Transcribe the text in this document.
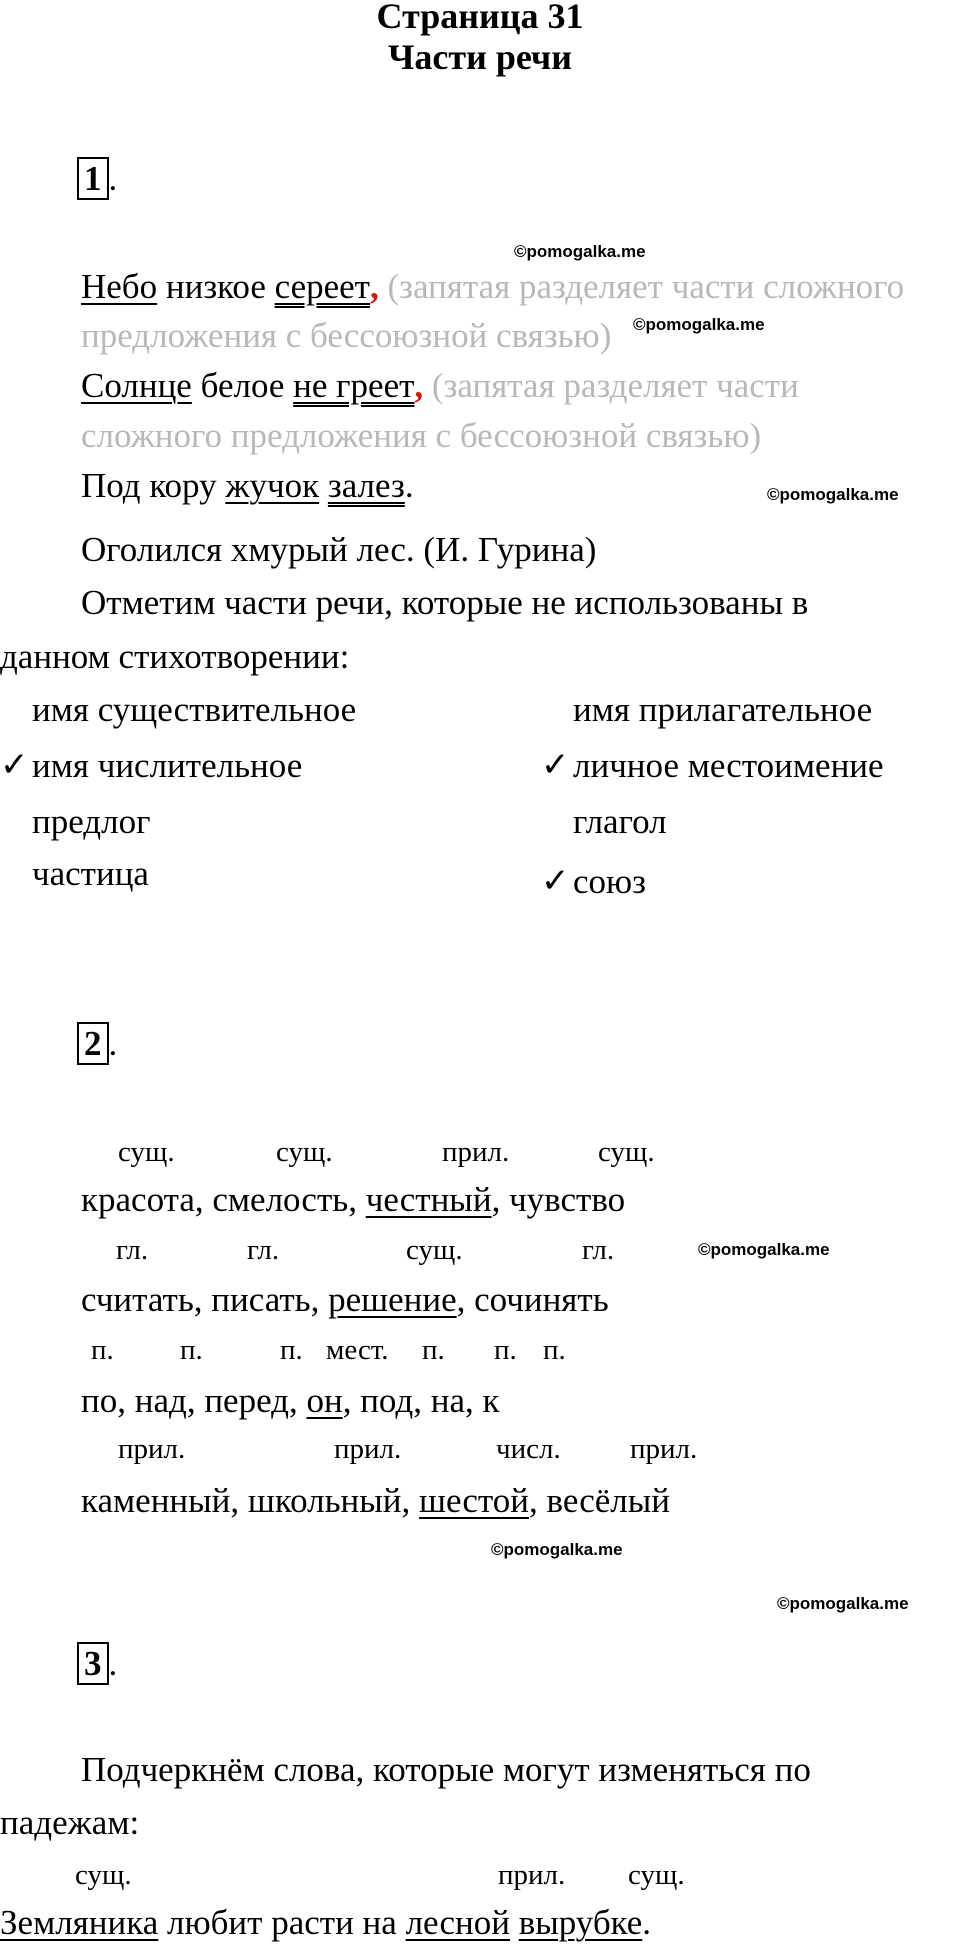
Страница 31
Части речи
1 .
©pomogalka.me
Небо низкое сереет, (запятая разделяет части сложного
предложения с бессоюзной связью) ©pomogalka.me
Солнце белое не греет, (запятая разделяет части
сложного предложения с бессоюзной связью)
Под кору жучок залез.	©pomogalka.me
Оголился хмурый лес. (И. Гурина)
Отметим части речи, которые не использованы в
данном стихотворении:
имя существительное	имя прилагательное
✓ имя числительное	✓ личное местоимение
предлог	глагол
частица	✓ союз
2 .
сущ.	сущ.	прил.	сущ.
красота, смелость, честный, чувство
гл.	гл.	сущ.	гл.	©pomogalka.me
считать, писать, решение, сочинять
п. п.	п. мест. п. п. п.
по, над, перед, он, под, на, к
прил.	прил.	числ. прил.
каменный, школьный, шестой, весёлый
©pomogalka.me
©pomogalka.me
3 .
Подчеркнём слова, которые могут изменяться по
падежам:
сущ.	прил. сущ.
Земляника любит расти на лесной вырубке.
